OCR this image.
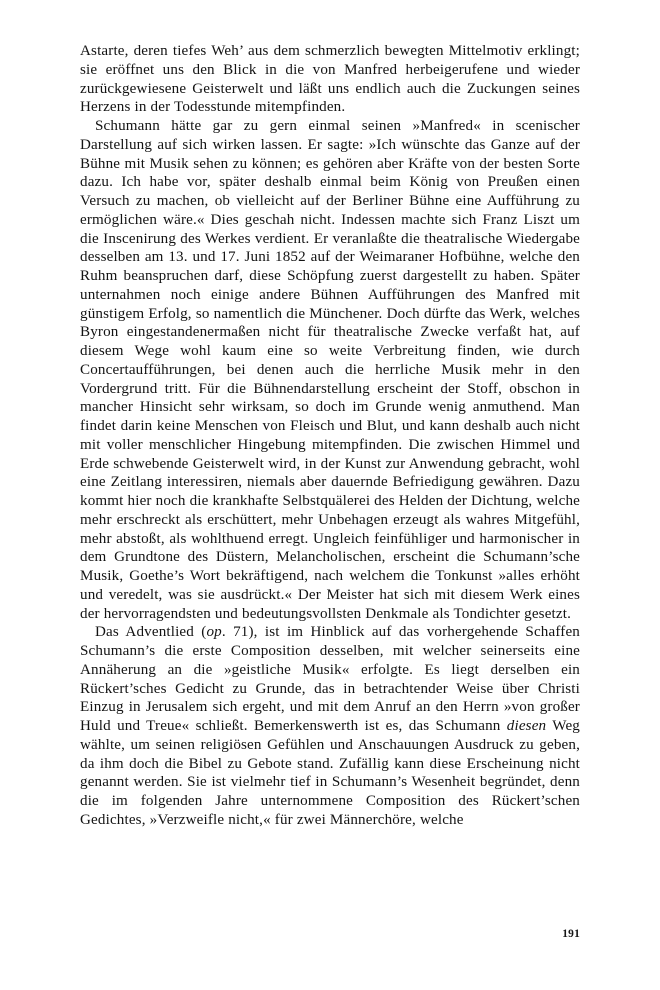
Astarte, deren tiefes Weh’ aus dem schmerzlich bewegten Mittelmotiv erklingt; sie eröffnet uns den Blick in die von Manfred herbeigerufene und wieder zurückgewiesene Geisterwelt und läßt uns endlich auch die Zuckungen seines Herzens in der Todesstunde mitempfinden.

Schumann hätte gar zu gern einmal seinen »Manfred« in scenischer Darstellung auf sich wirken lassen. Er sagte: »Ich wünschte das Ganze auf der Bühne mit Musik sehen zu können; es gehören aber Kräfte von der besten Sorte dazu. Ich habe vor, später deshalb einmal beim König von Preußen einen Versuch zu machen, ob vielleicht auf der Berliner Bühne eine Aufführung zu ermöglichen wäre.« Dies geschah nicht. Indessen machte sich Franz Liszt um die Inscenirung des Werkes verdient. Er veranlaßte die theatralische Wiedergabe desselben am 13. und 17. Juni 1852 auf der Weimaraner Hofbühne, welche den Ruhm beanspruchen darf, diese Schöpfung zuerst dargestellt zu haben. Später unternahmen noch einige andere Bühnen Aufführungen des Manfred mit günstigem Erfolg, so namentlich die Münchener. Doch dürfte das Werk, welches Byron eingestandenermaßen nicht für theatralische Zwecke verfaßt hat, auf diesem Wege wohl kaum eine so weite Verbreitung finden, wie durch Concertaufführungen, bei denen auch die herrliche Musik mehr in den Vordergrund tritt. Für die Bühnendarstellung erscheint der Stoff, obschon in mancher Hinsicht sehr wirksam, so doch im Grunde wenig anmuthend. Man findet darin keine Menschen von Fleisch und Blut, und kann deshalb auch nicht mit voller menschlicher Hingebung mitempfinden. Die zwischen Himmel und Erde schwebende Geisterwelt wird, in der Kunst zur Anwendung gebracht, wohl eine Zeitlang interessiren, niemals aber dauernde Befriedigung gewähren. Dazu kommt hier noch die krankhafte Selbstquälerei des Helden der Dichtung, welche mehr erschreckt als erschüttert, mehr Unbehagen erzeugt als wahres Mitgefühl, mehr abstoßt, als wohlthuend erregt. Ungleich feinfühliger und harmonischer in dem Grundtone des Düstern, Melancholischen, erscheint die Schumann’sche Musik, Goethe’s Wort bekräftigend, nach welchem die Tonkunst »alles erhöht und veredelt, was sie ausdrückt.« Der Meister hat sich mit diesem Werk eines der hervorragendsten und bedeutungsvollsten Denkmale als Tondichter gesetzt.

Das Adventlied (op. 71), ist im Hinblick auf das vorhergehende Schaffen Schumann’s die erste Composition desselben, mit welcher seinerseits eine Annäherung an die »geistliche Musik« erfolgte. Es liegt derselben ein Rückert’sches Gedicht zu Grunde, das in betrachtender Weise über Christi Einzug in Jerusalem sich ergeht, und mit dem Anruf an den Herrn »von großer Huld und Treue« schließt. Bemerkenswerth ist es, das Schumann diesen Weg wählte, um seinen religiösen Gefühlen und Anschauungen Ausdruck zu geben, da ihm doch die Bibel zu Gebote stand. Zufällig kann diese Erscheinung nicht genannt werden. Sie ist vielmehr tief in Schumann’s Wesenheit begründet, denn die im folgenden Jahre unternommene Composition des Rückert’schen Gedichtes, »Verzweifle nicht,« für zwei Männerchöre, welche

191
